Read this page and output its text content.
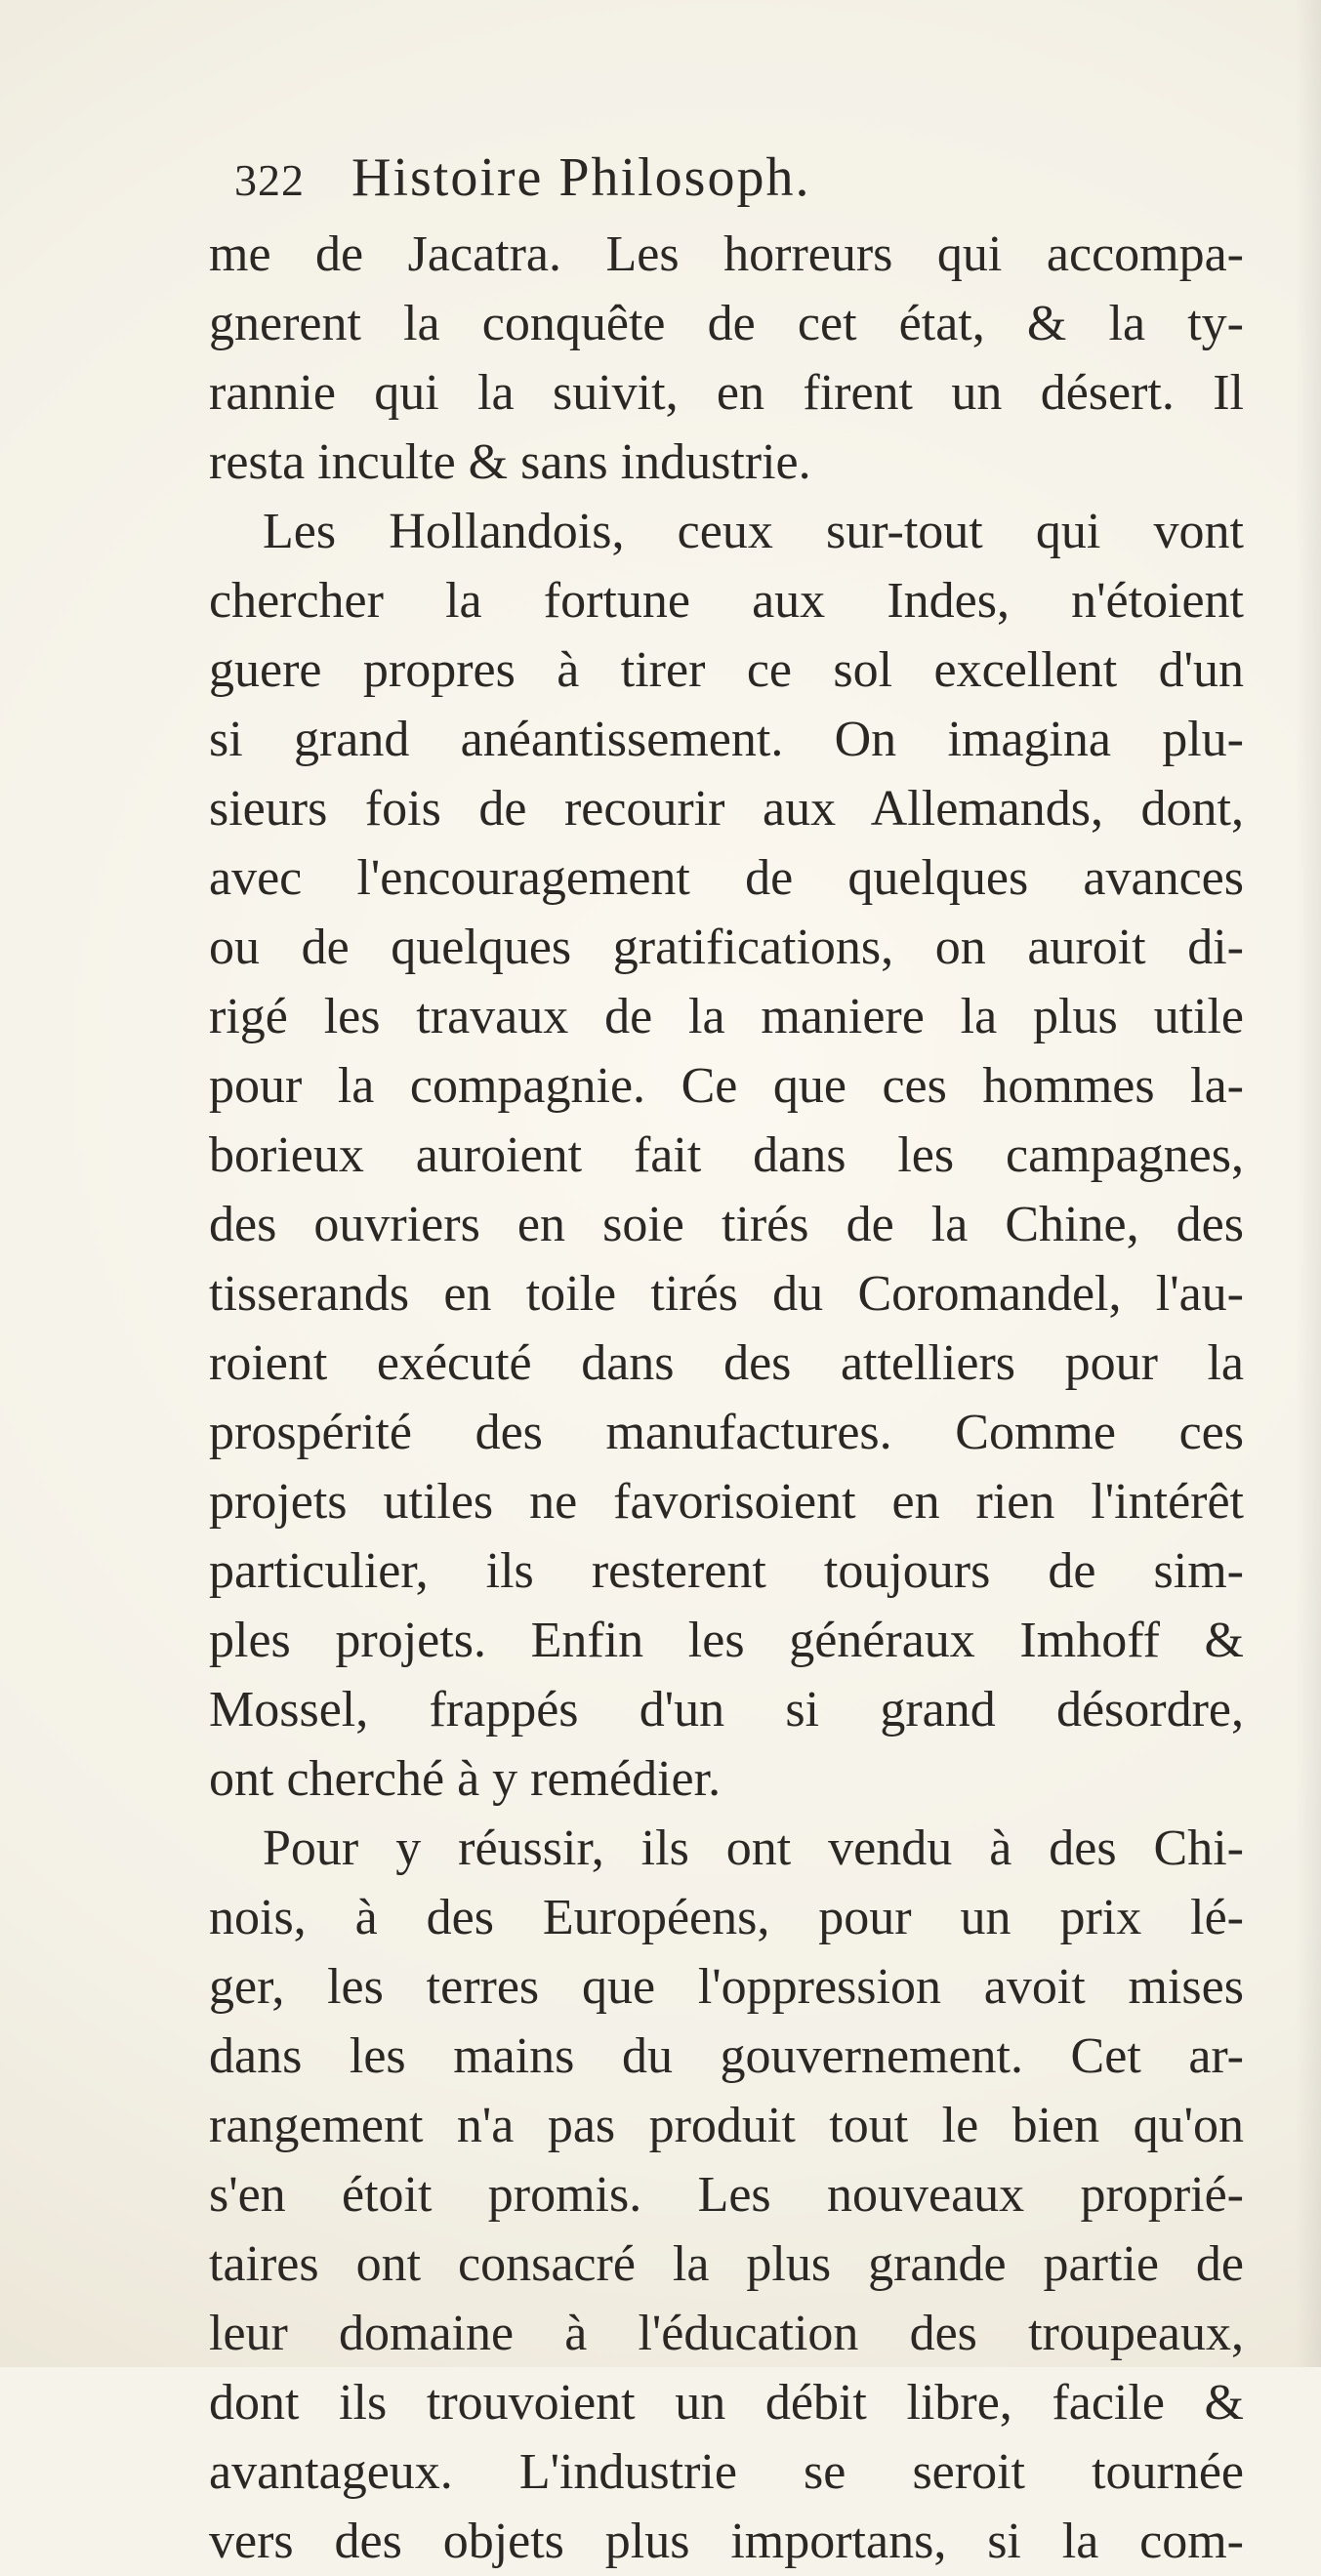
322 Histoire Philosoph.
me de Jacatra. Les horreurs qui accompa-
gnerent la conquête de cet état, & la ty-
rannie qui la suivit, en firent un désert. Il
resta inculte & sans industrie.
Les Hollandois, ceux sur-tout qui vont
chercher la fortune aux Indes, n'étoient
guere propres à tirer ce sol excellent d'un
si grand anéantissement. On imagina plu-
sieurs fois de recourir aux Allemands, dont,
avec l'encouragement de quelques avances
ou de quelques gratifications, on auroit di-
rigé les travaux de la maniere la plus utile
pour la compagnie. Ce que ces hommes la-
borieux auroient fait dans les campagnes,
des ouvriers en soie tirés de la Chine, des
tisserands en toile tirés du Coromandel, l'au-
roient exécuté dans des attelliers pour la
prospérité des manufactures. Comme ces
projets utiles ne favorisoient en rien l'intérêt
particulier, ils resterent toujours de sim-
ples projets. Enfin les généraux Imhoff &
Mossel, frappés d'un si grand désordre,
ont cherché à y remédier.
Pour y réussir, ils ont vendu à des Chi-
nois, à des Européens, pour un prix lé-
ger, les terres que l'oppression avoit mises
dans les mains du gouvernement. Cet ar-
rangement n'a pas produit tout le bien qu'on
s'en étoit promis. Les nouveaux proprié-
taires ont consacré la plus grande partie de
leur domaine à l'éducation des troupeaux,
dont ils trouvoient un débit libre, facile &
avantageux. L'industrie se seroit tournée
vers des objets plus importans, si la com-
